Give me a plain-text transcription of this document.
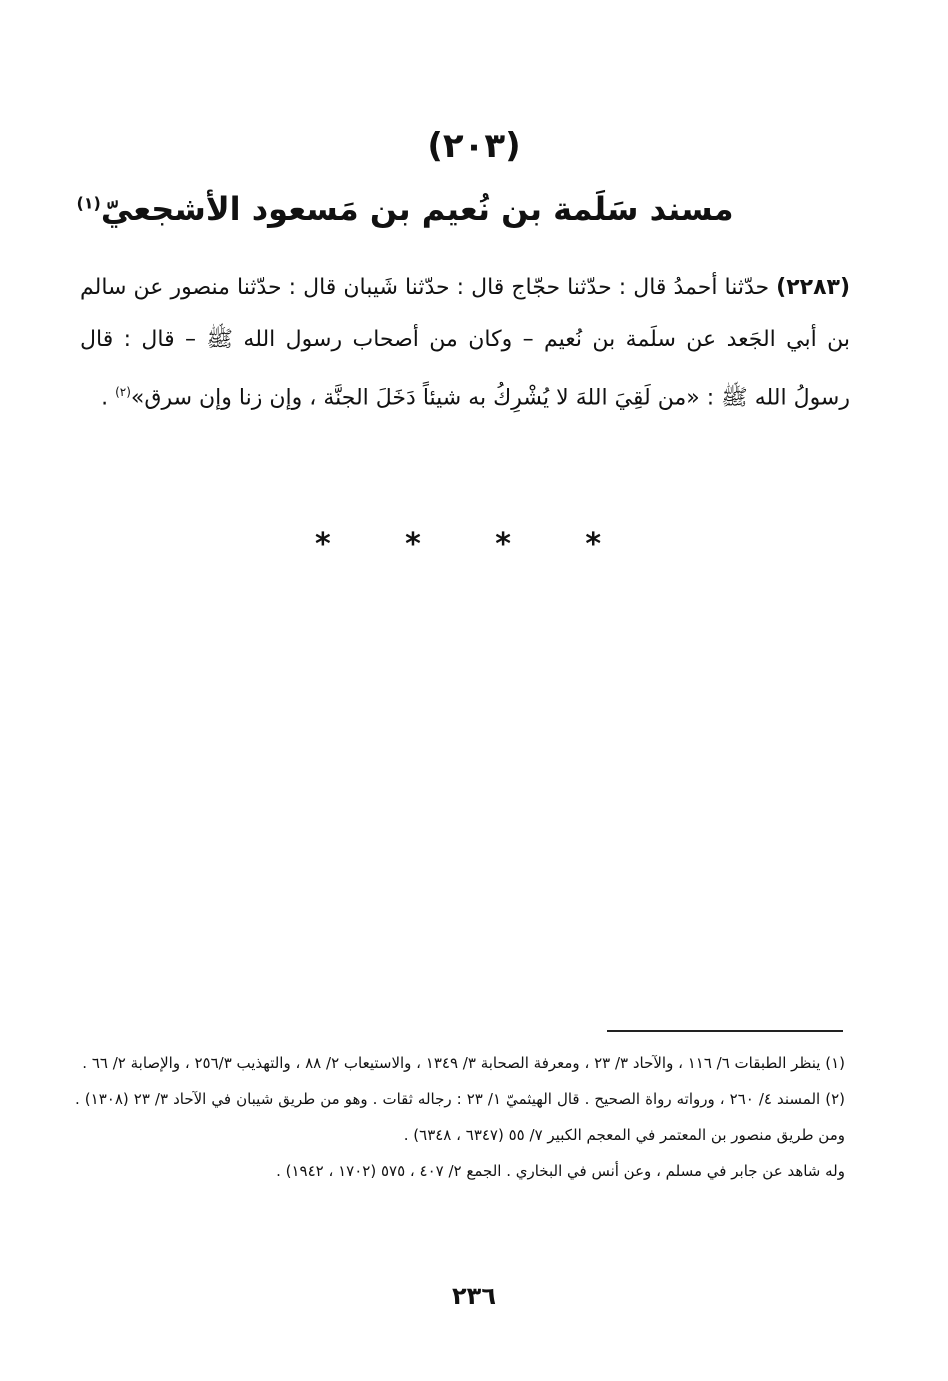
(٢٠٣)
مسند سَلَمة بن نُعيم بن مَسعود الأشجعيّ$^{(١)}$
(٢٢٨٣) حدّثنا أحمدُ قال : حدّثنا حجّاج قال : حدّثنا شَيبان قال : حدّثنا منصور عن سالم بن أبي الجَعد عن سلَمة بن نُعيم – وكان من أصحاب رسول الله ﷺ – قال : قال رسولُ الله ﷺ : «من لَقِيَ اللهَ لا يُشْرِكُ به شيئاً دَخَلَ الجنَّة ، وإن زنا وإن سرق»$^{(٢)}$ .
* * * *

(١) ينظر الطبقات ٦/ ١١٦ ، والآحاد ٣/ ٢٣ ، ومعرفة الصحابة ٣/ ١٣٤٩ ، والاستيعاب ٢/ ٨٨ ، والتهذيب ٢٥٦/٣ ، والإصابة ٢/ ٦٦ .

(٢) المسند ٤/ ٢٦٠ ، ورواته رواة الصحيح . قال الهيثميّ ١/ ٢٣ : رجاله ثقات . وهو من طريق شيبان في الآحاد ٣/ ٢٣ (١٣٠٨) . ومن طريق منصور بن المعتمر في المعجم الكبير ٧/ ٥٥ (٦٣٤٧ ، ٦٣٤٨) .

وله شاهد عن جابر في مسلم ، وعن أنس في البخاري . الجمع ٢/ ٤٠٧ ، ٥٧٥ (١٧٠٢ ، ١٩٤٢) .

٢٣٦
